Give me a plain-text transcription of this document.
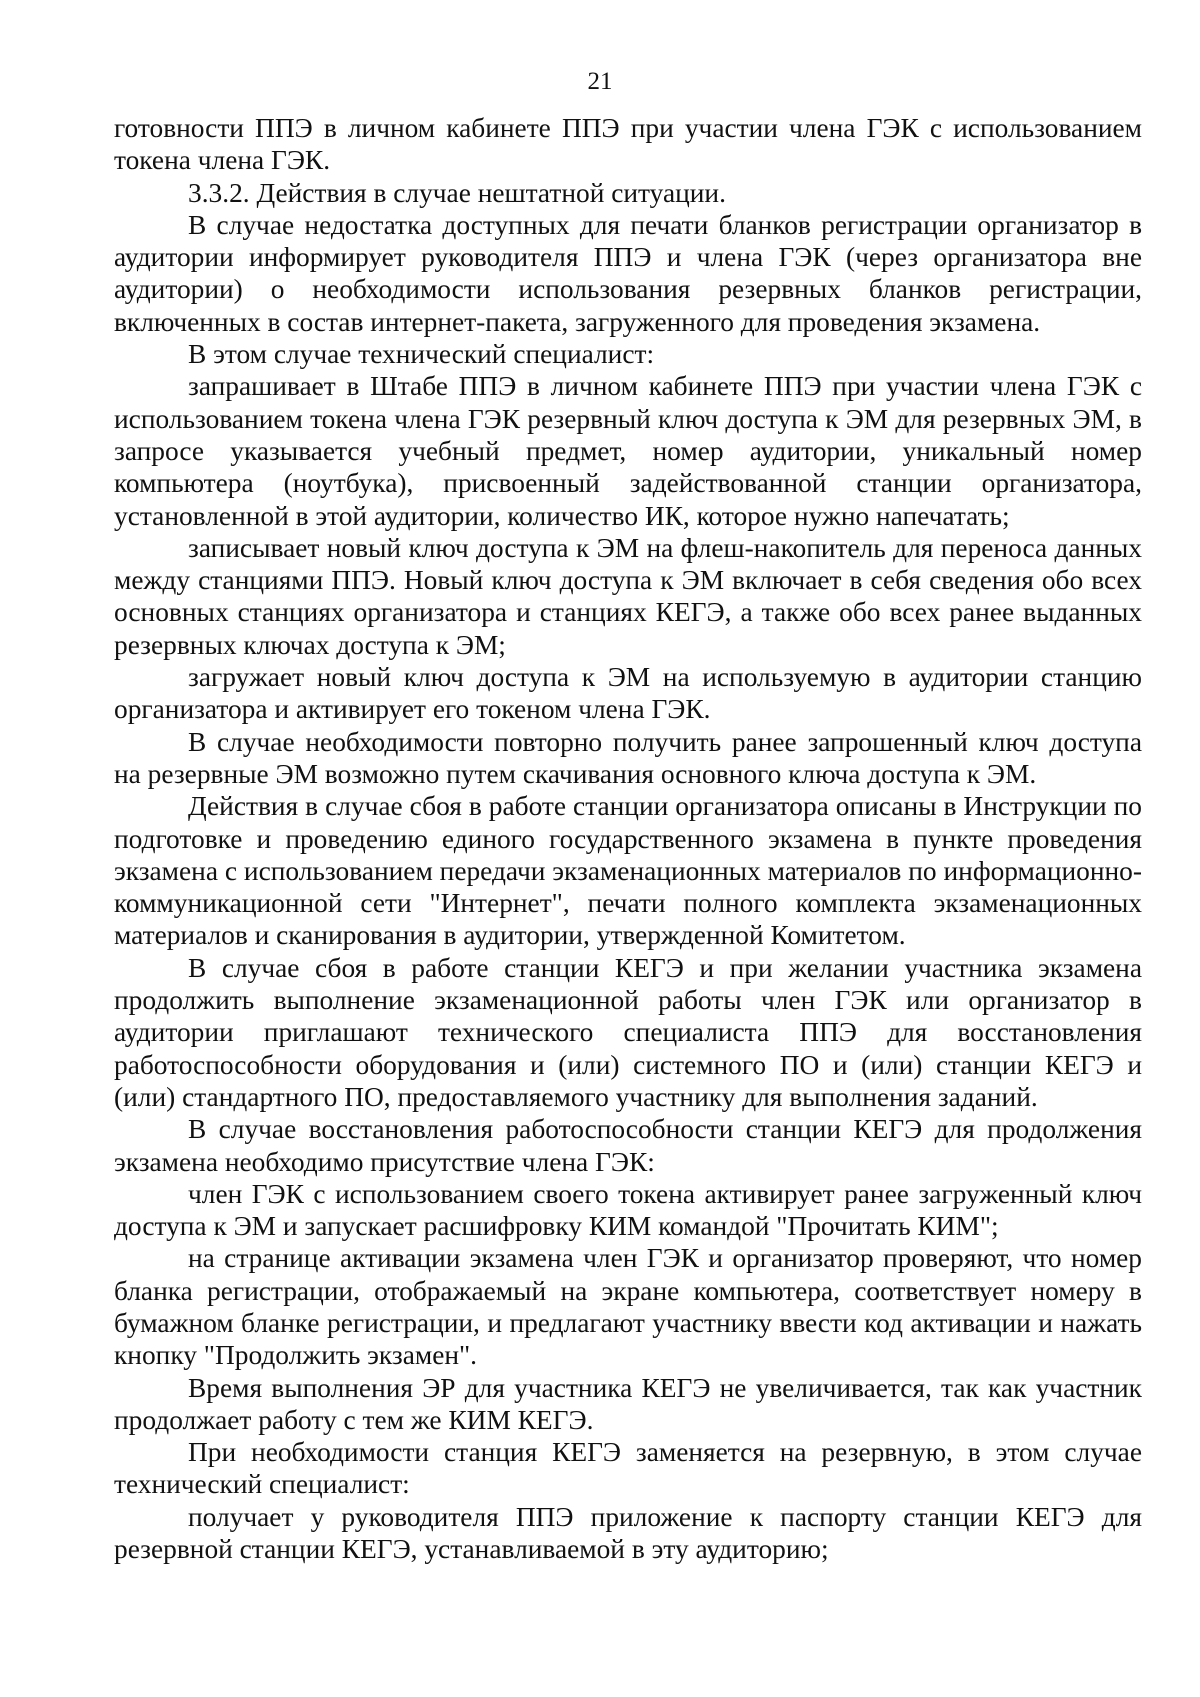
21

готовности ППЭ в личном кабинете ППЭ при участии члена ГЭК с использованием токена члена ГЭК.

3.3.2. Действия в случае нештатной ситуации.

В случае недостатка доступных для печати бланков регистрации организатор в аудитории информирует руководителя ППЭ и члена ГЭК (через организатора вне аудитории) о необходимости использования резервных бланков регистрации, включенных в состав интернет-пакета, загруженного для проведения экзамена.

В этом случае технический специалист:

запрашивает в Штабе ППЭ в личном кабинете ППЭ при участии члена ГЭК с использованием токена члена ГЭК резервный ключ доступа к ЭМ для резервных ЭМ, в запросе указывается учебный предмет, номер аудитории, уникальный номер компьютера (ноутбука), присвоенный задействованной станции организатора, установленной в этой аудитории, количество ИК, которое нужно напечатать;

записывает новый ключ доступа к ЭМ на флеш-накопитель для переноса данных между станциями ППЭ. Новый ключ доступа к ЭМ включает в себя сведения обо всех основных станциях организатора и станциях КЕГЭ, а также обо всех ранее выданных резервных ключах доступа к ЭМ;

загружает новый ключ доступа к ЭМ на используемую в аудитории станцию организатора и активирует его токеном члена ГЭК.

В случае необходимости повторно получить ранее запрошенный ключ доступа на резервные ЭМ возможно путем скачивания основного ключа доступа к ЭМ.

Действия в случае сбоя в работе станции организатора описаны в Инструкции по подготовке и проведению единого государственного экзамена в пункте проведения экзамена с использованием передачи экзаменационных материалов по информационно-коммуникационной сети "Интернет", печати полного комплекта экзаменационных материалов и сканирования в аудитории, утвержденной Комитетом.

В случае сбоя в работе станции КЕГЭ и при желании участника экзамена продолжить выполнение экзаменационной работы член ГЭК или организатор в аудитории приглашают технического специалиста ППЭ для восстановления работоспособности оборудования и (или) системного ПО и (или) станции КЕГЭ и (или) стандартного ПО, предоставляемого участнику для выполнения заданий.

В случае восстановления работоспособности станции КЕГЭ для продолжения экзамена необходимо присутствие члена ГЭК:

член ГЭК с использованием своего токена активирует ранее загруженный ключ доступа к ЭМ и запускает расшифровку КИМ командой "Прочитать КИМ";

на странице активации экзамена член ГЭК и организатор проверяют, что номер бланка регистрации, отображаемый на экране компьютера, соответствует номеру в бумажном бланке регистрации, и предлагают участнику ввести код активации и нажать кнопку "Продолжить экзамен".

Время выполнения ЭР для участника КЕГЭ не увеличивается, так как участник продолжает работу с тем же КИМ КЕГЭ.

При необходимости станция КЕГЭ заменяется на резервную, в этом случае технический специалист:

получает у руководителя ППЭ приложение к паспорту станции КЕГЭ для резервной станции КЕГЭ, устанавливаемой в эту аудиторию;
